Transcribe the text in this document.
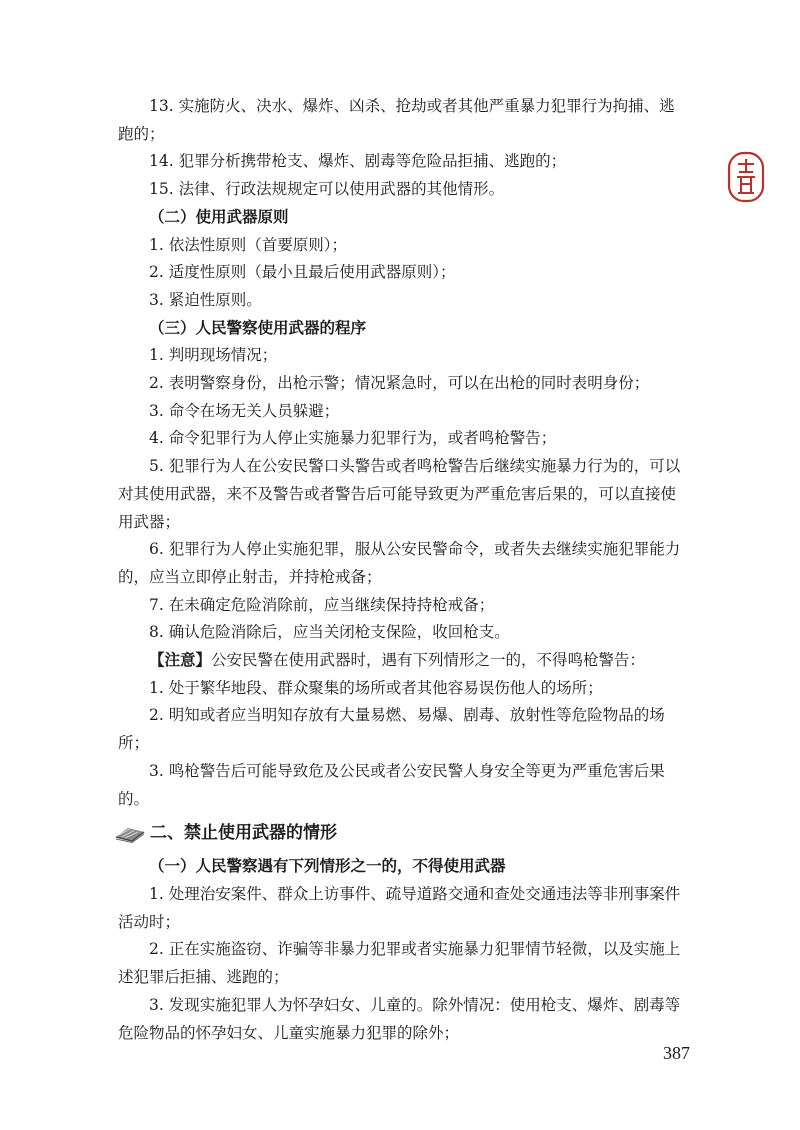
13. 实施防火、决水、爆炸、凶杀、抢劫或者其他严重暴力犯罪行为拘捕、逃跑的；

14. 犯罪分析携带枪支、爆炸、剧毒等危险品拒捕、逃跑的；

15. 法律、行政法规规定可以使用武器的其他情形。

（二）使用武器原则

1. 依法性原则（首要原则）；

2. 适度性原则（最小且最后使用武器原则）；

3. 紧迫性原则。

（三）人民警察使用武器的程序

1. 判明现场情况；

2. 表明警察身份，出枪示警；情况紧急时，可以在出枪的同时表明身份；

3. 命令在场无关人员躲避；

4. 命令犯罪行为人停止实施暴力犯罪行为，或者鸣枪警告；

5. 犯罪行为人在公安民警口头警告或者鸣枪警告后继续实施暴力行为的，可以对其使用武器，来不及警告或者警告后可能导致更为严重危害后果的，可以直接使用武器；

6. 犯罪行为人停止实施犯罪，服从公安民警命令，或者失去继续实施犯罪能力的，应当立即停止射击，并持枪戒备；

7. 在未确定危险消除前，应当继续保持持枪戒备；

8. 确认危险消除后，应当关闭枪支保险，收回枪支。

【注意】公安民警在使用武器时，遇有下列情形之一的，不得鸣枪警告：

1. 处于繁华地段、群众聚集的场所或者其他容易误伤他人的场所；

2. 明知或者应当明知存放有大量易燃、易爆、剧毒、放射性等危险物品的场所；

3. 鸣枪警告后可能导致危及公民或者公安民警人身安全等更为严重危害后果的。

二、禁止使用武器的情形

（一）人民警察遇有下列情形之一的，不得使用武器

1. 处理治安案件、群众上访事件、疏导道路交通和查处交通违法等非刑事案件活动时；

2. 正在实施盗窃、诈骗等非暴力犯罪或者实施暴力犯罪情节轻微，以及实施上述犯罪后拒捕、逃跑的；

3. 发现实施犯罪人为怀孕妇女、儿童的。除外情况：使用枪支、爆炸、剧毒等危险物品的怀孕妇女、儿童实施暴力犯罪的除外；

387
